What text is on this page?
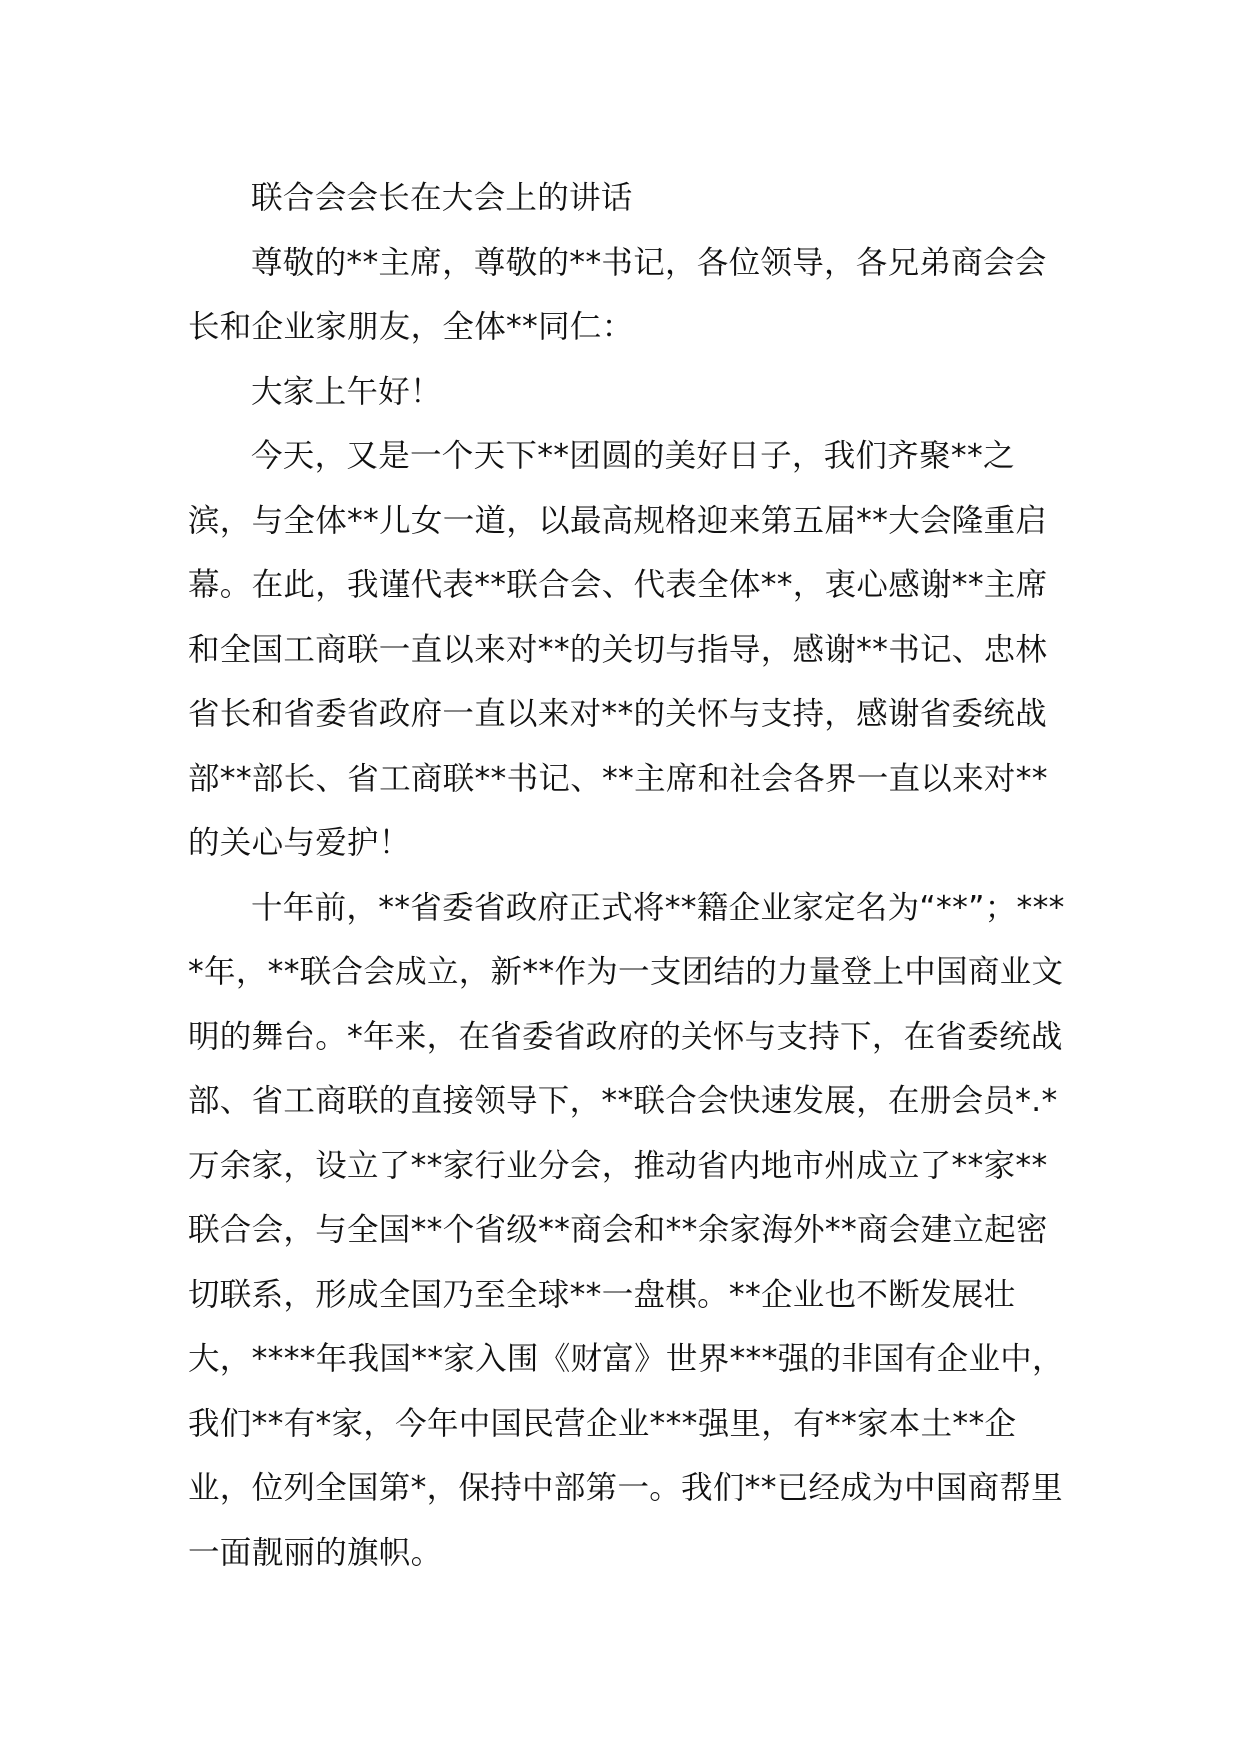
联合会会长在大会上的讲话

尊敬的**主席，尊敬的**书记，各位领导，各兄弟商会会长和企业家朋友，全体**同仁：

大家上午好！

今天，又是一个天下**团圆的美好日子，我们齐聚**之滨，与全体**儿女一道，以最高规格迎来第五届**大会隆重启幕。在此，我谨代表**联合会、代表全体**，衷心感谢**主席和全国工商联一直以来对**的关切与指导，感谢**书记、忠林省长和省委省政府一直以来对**的关怀与支持，感谢省委统战部**部长、省工商联**书记、**主席和社会各界一直以来对**的关心与爱护！

十年前，**省委省政府正式将**籍企业家定名为“**”；****年，**联合会成立，新**作为一支团结的力量登上中国商业文明的舞台。*年来，在省委省政府的关怀与支持下，在省委统战部、省工商联的直接领导下，**联合会快速发展，在册会员*.*万余家，设立了**家行业分会，推动省内地市州成立了**家**联合会，与全国**个省级**商会和**余家海外**商会建立起密切联系，形成全国乃至全球**一盘棋。**企业也不断发展壮大，****年我国**家入围《财富》世界***强的非国有企业中，我们**有*家，今年中国民营企业***强里，有**家本土**企业，位列全国第*，保持中部第一。我们**已经成为中国商帮里一面靓丽的旗帜。
